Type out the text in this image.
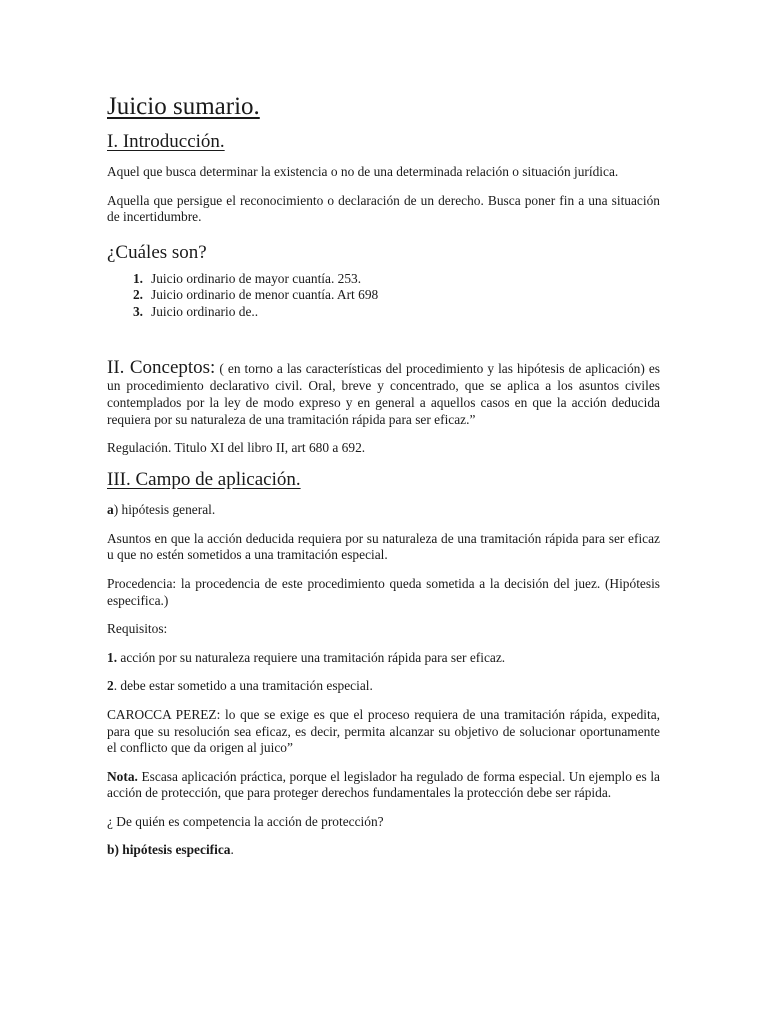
Juicio sumario.
I. Introducción.

Aquel que busca determinar la existencia o no de una determinada relación o situación jurídica.

Aquella que persigue el reconocimiento o declaración de un derecho. Busca poner fin a una situación de incertidumbre.

¿Cuáles son?
1. Juicio ordinario de mayor cuantía. 253.
2. Juicio ordinario de menor cuantía. Art 698
3. Juicio ordinario de..

II. Conceptos: ( en torno a las características del procedimiento y las hipótesis de aplicación) es un procedimiento declarativo civil. Oral, breve y concentrado, que se aplica a los asuntos civiles contemplados por la ley de modo expreso y en general a aquellos casos en que la acción deducida requiera por su naturaleza de una tramitación rápida para ser eficaz.”

Regulación. Titulo XI del libro II, art 680 a 692.

III. Campo de aplicación.

a) hipótesis general.

Asuntos en que la acción deducida requiera por su naturaleza de una tramitación rápida para ser eficaz u que no estén sometidos a una tramitación especial.

Procedencia: la procedencia de este procedimiento queda sometida a la decisión del juez. (Hipótesis especifica.)

Requisitos:

1. acción por su naturaleza requiere una tramitación rápida para ser eficaz.

2. debe estar sometido a una tramitación especial.

CAROCCA PEREZ: lo que se exige es que el proceso requiera de una tramitación rápida, expedita, para que su resolución sea eficaz, es decir, permita alcanzar su objetivo de solucionar oportunamente el conflicto que da origen al juico”

Nota. Escasa aplicación práctica, porque el legislador ha regulado de forma especial. Un ejemplo es la acción de protección, que para proteger derechos fundamentales la protección debe ser rápida.

¿ De quién es competencia la acción de protección?

b) hipótesis especifica.
